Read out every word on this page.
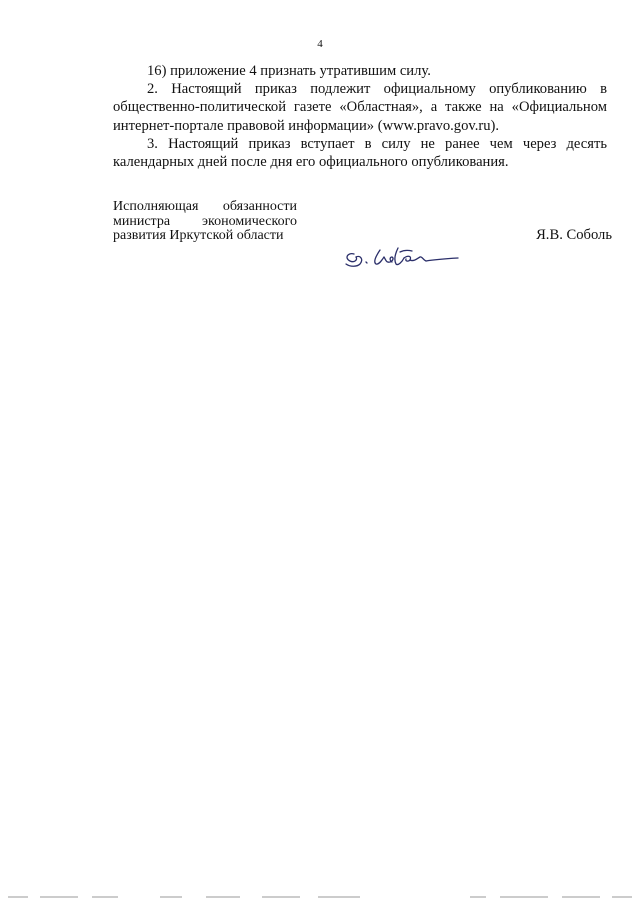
4

16) приложение 4 признать утратившим силу.

2. Настоящий приказ подлежит официальному опубликованию в общественно-политической газете «Областная», а также на «Официальном интернет-портале правовой информации» (www.pravo.gov.ru).

3. Настоящий приказ вступает в силу не ранее чем через десять календарных дней после дня его официального опубликования.

Исполняющая обязанности
министра экономического
развития Иркутской области	Я.В. Соболь
